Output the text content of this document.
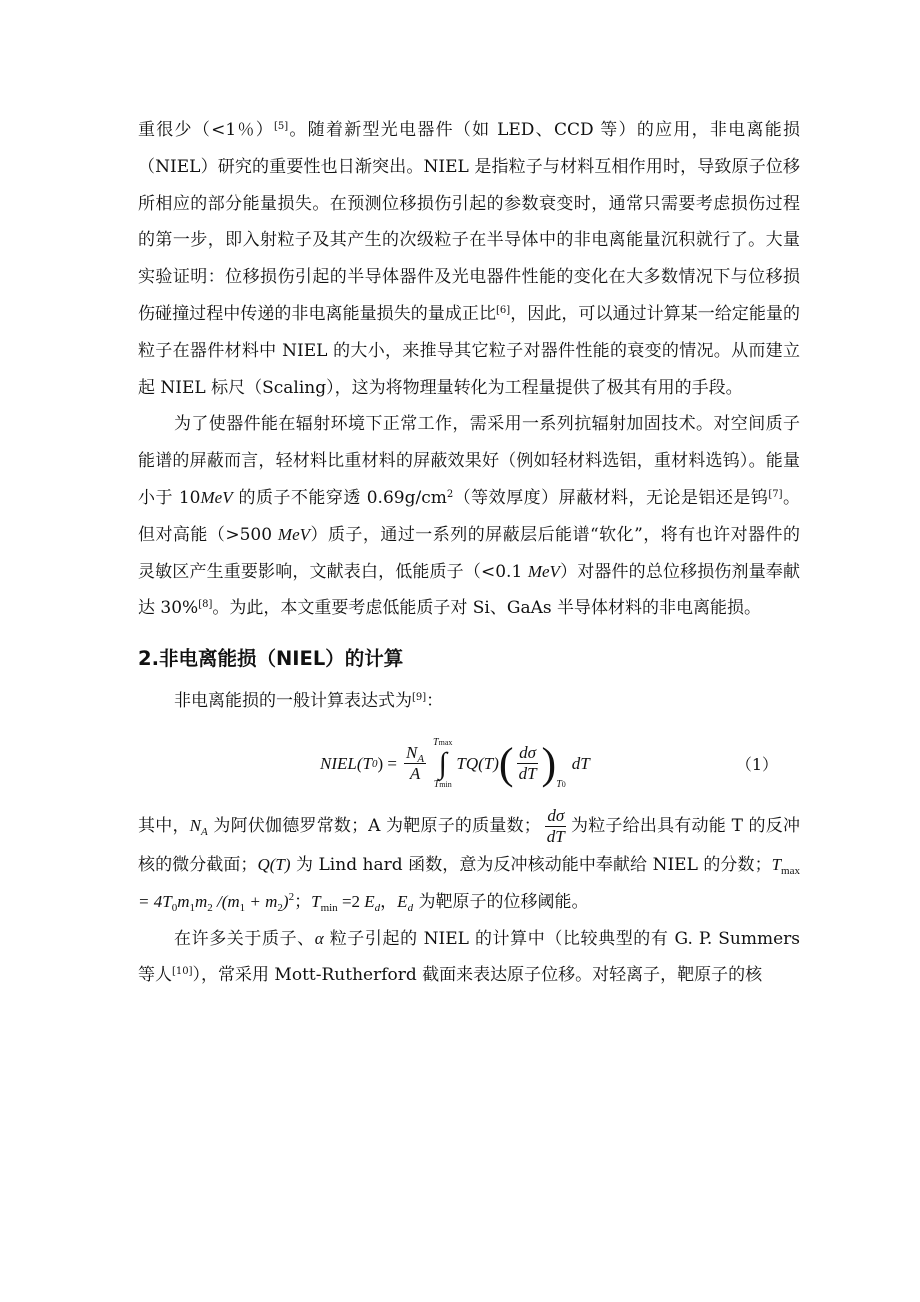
重很少（<1％）[5]。随着新型光电器件（如 LED、CCD 等）的应用，非电离能损（NIEL）研究的重要性也日渐突出。NIEL 是指粒子与材料互相作用时，导致原子位移所相应的部分能量损失。在预测位移损伤引起的参数衰变时，通常只需要考虑损伤过程的第一步，即入射粒子及其产生的次级粒子在半导体中的非电离能量沉积就行了。大量实验证明：位移损伤引起的半导体器件及光电器件性能的变化在大多数情况下与位移损伤碰撞过程中传递的非电离能量损失的量成正比[6]，因此，可以通过计算某一给定能量的粒子在器件材料中 NIEL 的大小，来推导其它粒子对器件性能的衰变的情况。从而建立起 NIEL 标尺（Scaling），这为将物理量转化为工程量提供了极其有用的手段。

为了使器件能在辐射环境下正常工作，需采用一系列抗辐射加固技术。对空间质子能谱的屏蔽而言，轻材料比重材料的屏蔽效果好（例如轻材料选铝，重材料选钨）。能量小于 10MeV 的质子不能穿透 $0.69g/cm^2$（等效厚度）屏蔽材料，无论是铝还是钨[7]。但对高能（>500 MeV）质子，通过一系列的屏蔽层后能谱“软化”，将有也许对器件的灵敏区产生重要影响，文献表白，低能质子（<0.1 MeV）对器件的总位移损伤剂量奉献达 30%[8]。为此，本文重要考虑低能质子对 Si、GaAs 半导体材料的非电离能损。

2.非电离能损（NIEL）的计算

非电离能损的一般计算表达式为[9]：

NIEL(T 0 ) = $\frac{N_A}{A}$
Tmax
∫
Tmin
TQ(T) ( $\frac{d\sigma}{dT}$ ) T0
dT	（1）

其中，$N_A$ 为阿伏伽德罗常数；A 为靶原子的质量数； $\frac{d\sigma}{dT}$ 为粒子给出具有动能 T 的反冲核的微分截面；Q(T) 为 Lind hard 函数，意为反冲核动能中奉献给 NIEL 的分数；$T_{max} = 4T_0m_1m_2$ $/(m_1 + m_2)^2$；$T_{min} =2$ $E_d$，$E_d$ 为靶原子的位移阈能。

在许多关于质子、α 粒子引起的 NIEL 的计算中（比较典型的有 G. P. Summers 等人[10]），常采用 Mott-Rutherford 截面来表达原子位移。对轻离子，靶原子的核
